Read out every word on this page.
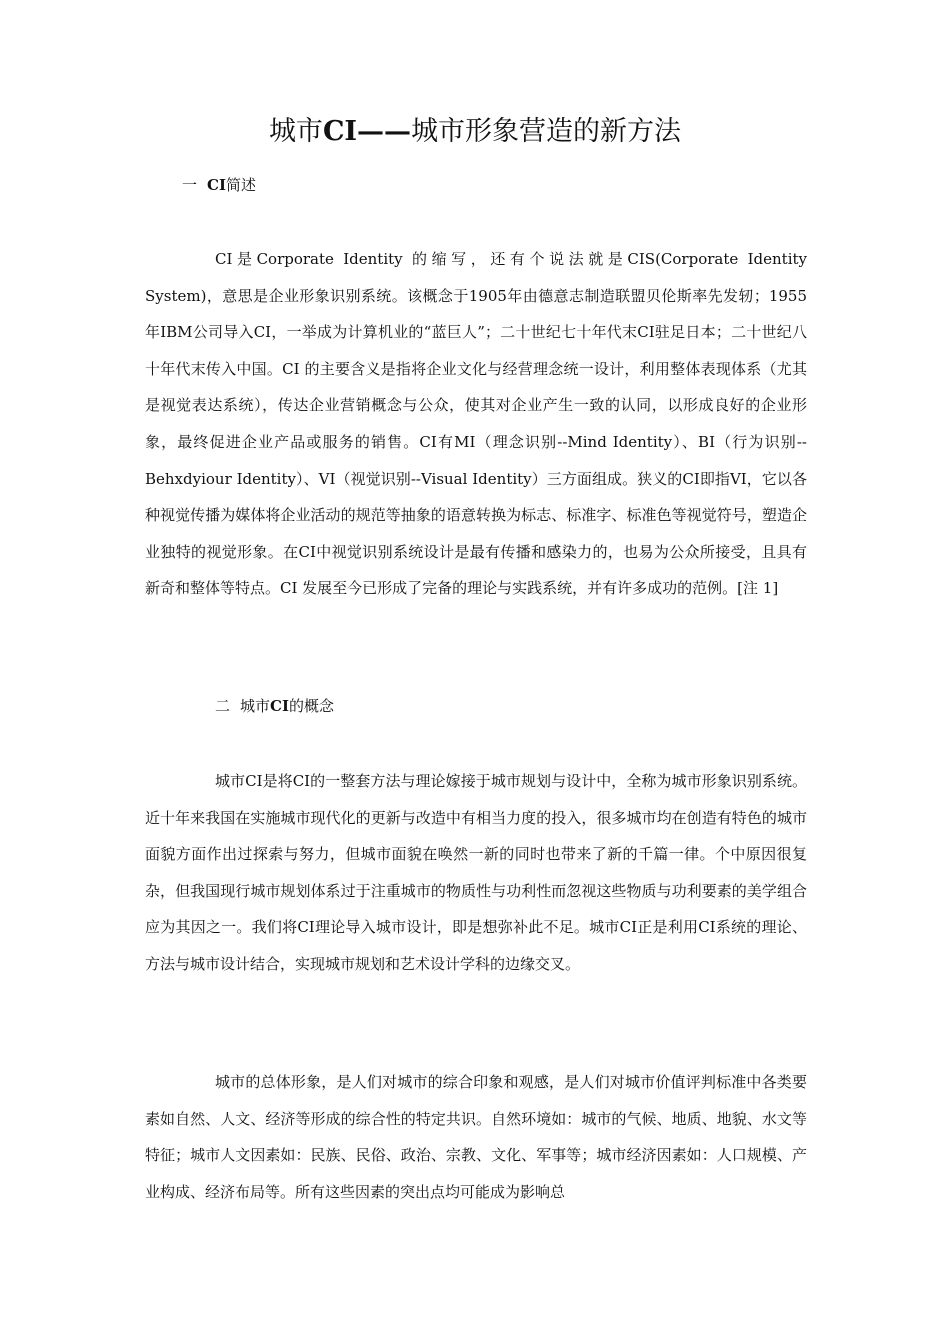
城市CI——城市形象营造的新方法
一 CI简述

CI是Corporate Identity 的缩写，还有个说法就是CIS(Corporate Identity System)，意思是企业形象识别系统。该概念于1905年由德意志制造联盟贝伦斯率先发轫；1955年IBM公司导入CI，一举成为计算机业的“蓝巨人”；二十世纪七十年代末CI驻足日本；二十世纪八十年代末传入中国。CI 的主要含义是指将企业文化与经营理念统一设计，利用整体表现体系（尤其是视觉表达系统），传达企业营销概念与公众，使其对企业产生一致的认同，以形成良好的企业形象，最终促进企业产品或服务的销售。CI有MI（理念识别--Mind Identity）、BI（行为识别--Behxdyiour Identity）、VI（视觉识别--Visual Identity）三方面组成。狭义的CI即指VI，它以各种视觉传播为媒体将企业活动的规范等抽象的语意转换为标志、标准字、标准色等视觉符号，塑造企业独特的视觉形象。在CI中视觉识别系统设计是最有传播和感染力的，也易为公众所接受，且具有新奇和整体等特点。CI 发展至今已形成了完备的理论与实践系统，并有许多成功的范例。[注 1]

二 城市CI的概念

城市CI是将CI的一整套方法与理论嫁接于城市规划与设计中，全称为城市形象识别系统。近十年来我国在实施城市现代化的更新与改造中有相当力度的投入，很多城市均在创造有特色的城市面貌方面作出过探索与努力，但城市面貌在唤然一新的同时也带来了新的千篇一律。个中原因很复杂，但我国现行城市规划体系过于注重城市的物质性与功利性而忽视这些物质与功利要素的美学组合应为其因之一。我们将CI理论导入城市设计，即是想弥补此不足。城市CI正是利用CI系统的理论、方法与城市设计结合，实现城市规划和艺术设计学科的边缘交叉。

城市的总体形象，是人们对城市的综合印象和观感，是人们对城市价值评判标准中各类要素如自然、人文、经济等形成的综合性的特定共识。自然环境如：城市的气候、地质、地貌、水文等特征；城市人文因素如：民族、民俗、政治、宗教、文化、军事等；城市经济因素如：人口规模、产业构成、经济布局等。所有这些因素的突出点均可能成为影响总
